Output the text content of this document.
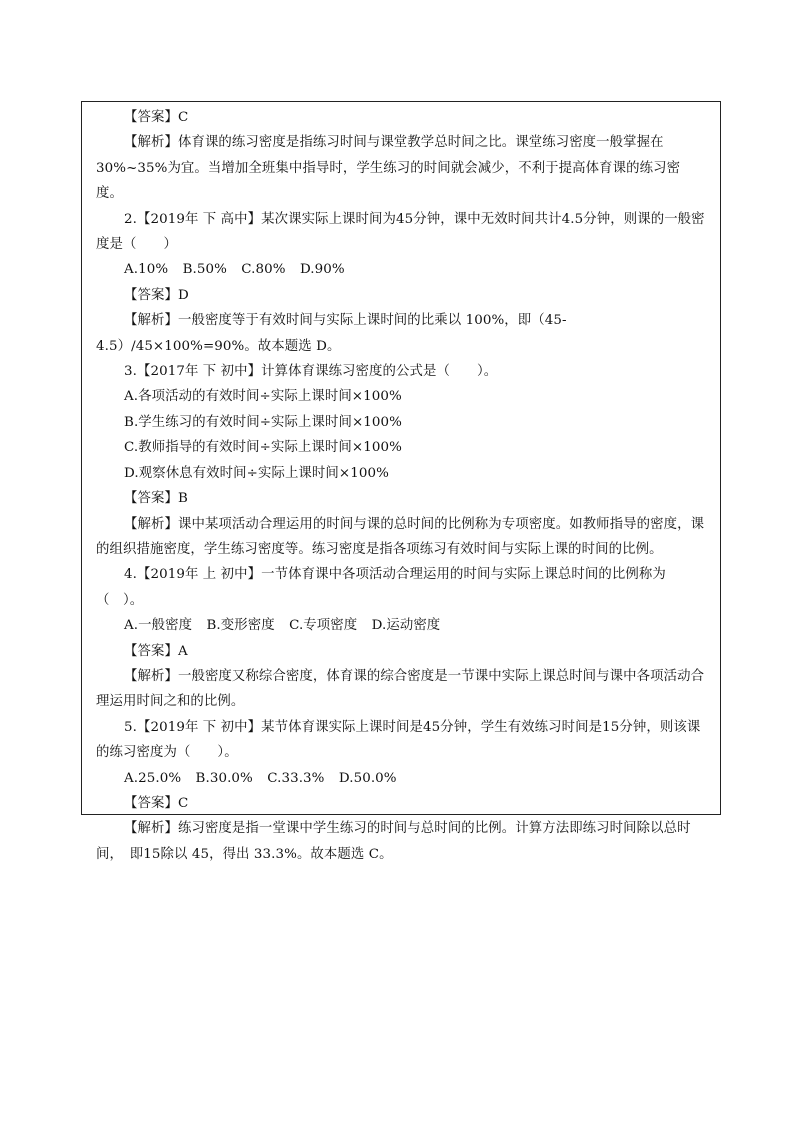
【答案】C

【解析】体育课的练习密度是指练习时间与课堂教学总时间之比。课堂练习密度一般掌握在30%~35%为宜。当增加全班集中指导时，学生练习的时间就会减少，不利于提高体育课的练习密度。

2.【2019年 下 高中】某次课实际上课时间为45分钟，课中无效时间共计4.5分钟，则课的一般密度是（　　）

A.10% B.50% C.80% D.90%

【答案】D

【解析】一般密度等于有效时间与实际上课时间的比乘以 100%，即（45-4.5）/45×100%=90%。故本题选 D。

3.【2017年 下 初中】计算体育课练习密度的公式是（　　）。

A.各项活动的有效时间÷实际上课时间×100%

B.学生练习的有效时间÷实际上课时间×100%

C.教师指导的有效时间÷实际上课时间×100%

D.观察休息有效时间÷实际上课时间×100%

【答案】B

【解析】课中某项活动合理运用的时间与课的总时间的比例称为专项密度。如教师指导的密度，课的组织措施密度，学生练习密度等。练习密度是指各项练习有效时间与实际上课的时间的比例。

4.【2019年 上 初中】一节体育课中各项活动合理运用的时间与实际上课总时间的比例称为（　）。

A.一般密度 B.变形密度 C.专项密度 D.运动密度

【答案】A

【解析】一般密度又称综合密度，体育课的综合密度是一节课中实际上课总时间与课中各项活动合理运用时间之和的比例。

5.【2019年 下 初中】某节体育课实际上课时间是45分钟，学生有效练习时间是15分钟，则该课的练习密度为（　　）。

A.25.0% B.30.0% C.33.3% D.50.0%

【答案】C

【解析】练习密度是指一堂课中学生练习的时间与总时间的比例。计算方法即练习时间除以总时间，　即15除以 45，得出 33.3%。故本题选 C。
